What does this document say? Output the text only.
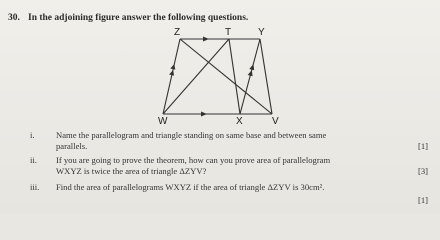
30. In the adjoining figure answer the following questions.
Z	T	Y
W	X	V
i. Name the parallelogram and triangle standing on same base and between same
parallels.	[1]
ii. If you are going to prove the theorem, how can you prove area of parallelogram
WXYZ is twice the area of triangle ΔZYV?	[3]
iii. Find the area of parallelograms WXYZ if the area of triangle ΔZYV is 30cm².
[1]
